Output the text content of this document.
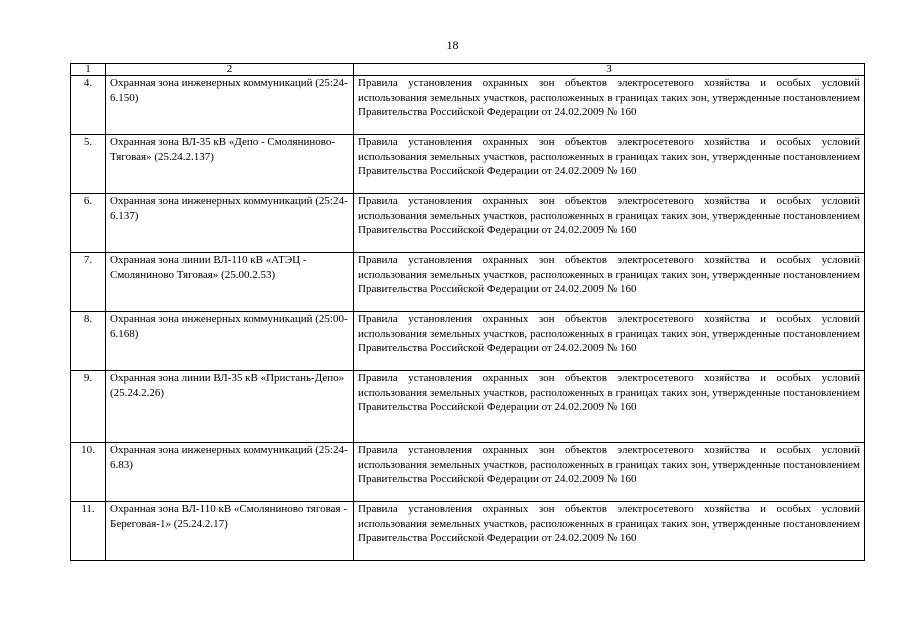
18
1	2	3
4.	Охранная зона инженерных коммуникаций (25:24-6.150)	Правила установления охранных зон объектов электросетевого хозяйства и особых условий использования земельных участков, расположенных в границах таких зон, утвержденные постановлением Правительства Российской Федерации от 24.02.2009 № 160
5.	Охранная зона ВЛ-35 кВ «Депо - Смоляниново-Тяговая» (25.24.2.137)	Правила установления охранных зон объектов электросетевого хозяйства и особых условий использования земельных участков, расположенных в границах таких зон, утвержденные постановлением Правительства Российской Федерации от 24.02.2009 № 160
6.	Охранная зона инженерных коммуникаций (25:24-6.137)	Правила установления охранных зон объектов электросетевого хозяйства и особых условий использования земельных участков, расположенных в границах таких зон, утвержденные постановлением Правительства Российской Федерации от 24.02.2009 № 160
7.	Охранная зона линии ВЛ-110 кВ «АТЭЦ - Смоляниново Тяговая» (25.00.2.53)	Правила установления охранных зон объектов электросетевого хозяйства и особых условий использования земельных участков, расположенных в границах таких зон, утвержденные постановлением Правительства Российской Федерации от 24.02.2009 № 160
8.	Охранная зона инженерных коммуникаций (25:00-6.168)	Правила установления охранных зон объектов электросетевого хозяйства и особых условий использования земельных участков, расположенных в границах таких зон, утвержденные постановлением Правительства Российской Федерации от 24.02.2009 № 160
9.	Охранная зона линии ВЛ-35 кВ «Пристань-Депо» (25.24.2.26)	Правила установления охранных зон объектов электросетевого хозяйства и особых условий использования земельных участков, расположенных в границах таких зон, утвержденные постановлением Правительства Российской Федерации от 24.02.2009 № 160
10.	Охранная зона инженерных коммуникаций (25:24-6.83)	Правила установления охранных зон объектов электросетевого хозяйства и особых условий использования земельных участков, расположенных в границах таких зон, утвержденные постановлением Правительства Российской Федерации от 24.02.2009 № 160
11.	Охранная зона ВЛ-110 кВ «Смоляниново тяговая - Береговая-1» (25.24.2.17)	Правила установления охранных зон объектов электросетевого хозяйства и особых условий использования земельных участков, расположенных в границах таких зон, утвержденные постановлением Правительства Российской Федерации от 24.02.2009 № 160
